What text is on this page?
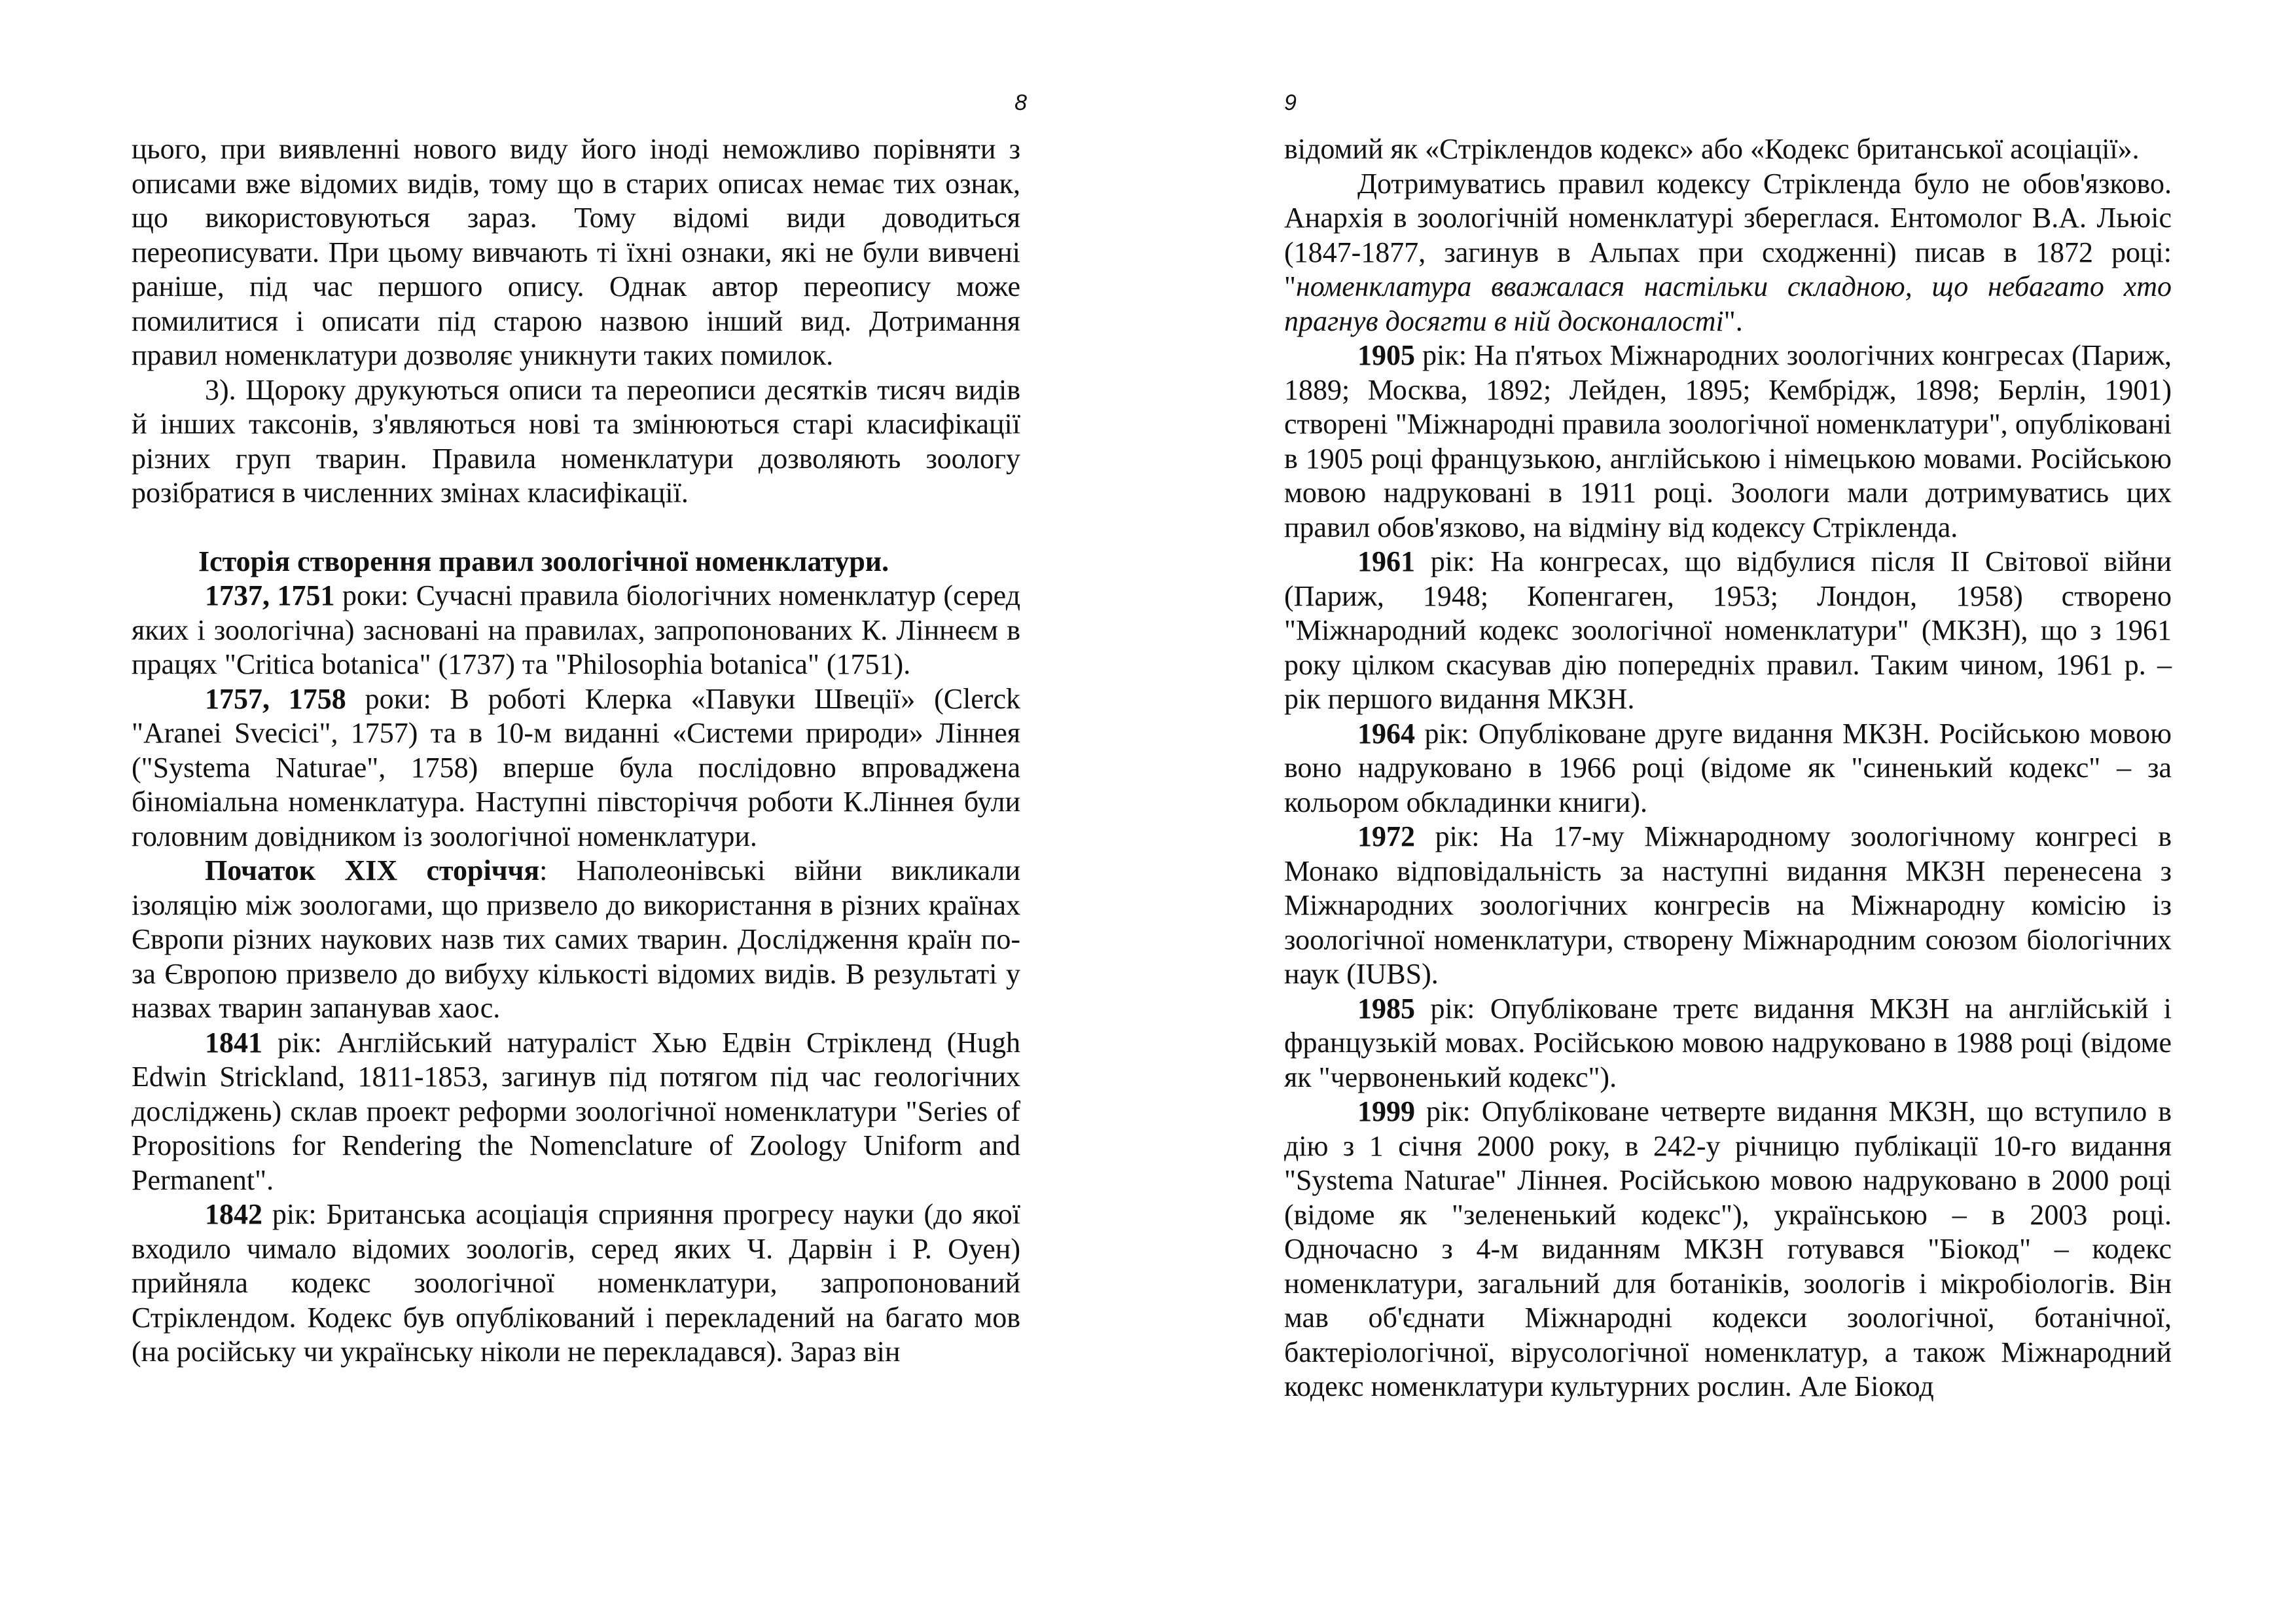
8

цього, при виявленні нового виду його іноді неможливо порівняти з описами вже відомих видів, тому що в старих описах немає тих ознак, що використовуються зараз. Тому відомі види доводиться переописувати. При цьому вивчають ті їхні ознаки, які не були вивчені раніше, під час першого опису. Однак автор переопису може помилитися і описати під старою назвою інший вид. Дотримання правил номенклатури дозволяє уникнути таких помилок.

3). Щороку друкуються описи та переописи десятків тисяч видів й інших таксонів, з'являються нові та змінюються старі класифікації різних груп тварин. Правила номенклатури дозволяють зоологу розібратися в численних змінах класифікації.

Історія створення правил зоологічної номенклатури.

1737, 1751 роки: Сучасні правила біологічних номенклатур (серед яких і зоологічна) засновані на правилах, запропонованих К. Ліннеєм в працях "Critica botanica" (1737) та "Philosophia botanica" (1751).

1757, 1758 роки: В роботі Клерка «Павуки Швеції» (Clerck "Aranei Svecici", 1757) та в 10-м виданні «Системи природи» Ліннея ("Systema Naturae", 1758) вперше була послідовно впроваджена біноміальна номенклатура. Наступні півсторіччя роботи К.Ліннея були головним довідником із зоологічної номенклатури.

Початок XIX сторіччя: Наполеонівські війни викликали ізоляцію між зоологами, що призвело до використання в різних країнах Європи різних наукових назв тих самих тварин. Дослідження країн по-за Європою призвело до вибуху кількості відомих видів. В результаті у назвах тварин запанував хаос.

1841 рік: Англійський натураліст Хью Едвін Стрікленд (Hugh Edwin Strickland, 1811-1853, загинув під потягом під час геологічних досліджень) склав проект реформи зоологічної номенклатури "Series of Propositions for Rendering the Nomenclature of Zoology Uniform and Permanent".

1842 рік: Британська асоціація сприяння прогресу науки (до якої входило чимало відомих зоологів, серед яких Ч. Дарвін і Р. Оуен) прийняла кодекс зоологічної номенклатури, запропонований Стріклендом. Кодекс був опублікований і перекладений на багато мов (на російську чи українську ніколи не перекладався). Зараз він

9

відомий як «Стріклендов кодекс» або «Кодекс британської асоціації».

Дотримуватись правил кодексу Стрікленда було не обов'язково. Анархія в зоологічній номенклатурі збереглася. Ентомолог В.А. Льюіс (1847-1877, загинув в Альпах при сходженні) писав в 1872 році: "номенклатура вважалася настільки складною, що небагато хто прагнув досягти в ній досконалості".

1905 рік: На п'ятьох Міжнародних зоологічних конгресах (Париж, 1889; Москва, 1892; Лейден, 1895; Кембрідж, 1898; Берлін, 1901) створені "Міжнародні правила зоологічної номенклатури", опубліковані в 1905 році французькою, англійською і німецькою мовами. Російською мовою надруковані в 1911 році. Зоологи мали дотримуватись цих правил обов'язково, на відміну від кодексу Стрікленда.

1961 рік: На конгресах, що відбулися після II Світової війни (Париж, 1948; Копенгаген, 1953; Лондон, 1958) створено "Міжнародний кодекс зоологічної номенклатури" (МКЗН), що з 1961 року цілком скасував дію попередніх правил. Таким чином, 1961 р. – рік першого видання МКЗН.

1964 рік: Опубліковане друге видання МКЗН. Російською мовою воно надруковано в 1966 році (відоме як "синенький кодекс" – за кольором обкладинки книги).

1972 рік: На 17-му Міжнародному зоологічному конгресі в Монако відповідальність за наступні видання МКЗН перенесена з Міжнародних зоологічних конгресів на Міжнародну комісію із зоологічної номенклатури, створену Міжнародним союзом біологічних наук (IUBS).

1985 рік: Опубліковане третє видання МКЗН на англійській і французькій мовах. Російською мовою надруковано в 1988 році (відоме як "червоненький кодекс").

1999 рік: Опубліковане четверте видання МКЗН, що вступило в дію з 1 січня 2000 року, в 242-у річницю публікації 10-го видання "Systema Naturae" Ліннея. Російською мовою надруковано в 2000 році (відоме як "зелененький кодекс"), українською – в 2003 році. Одночасно з 4-м виданням МКЗН готувався "Біокод" – кодекс номенклатури, загальний для ботаніків, зоологів і мікробіологів. Він мав об'єднати Міжнародні кодекси зоологічної, ботанічної, бактеріологічної, вірусологічної номенклатур, а також Міжнародний кодекс номенклатури культурних рослин. Але Біокод
